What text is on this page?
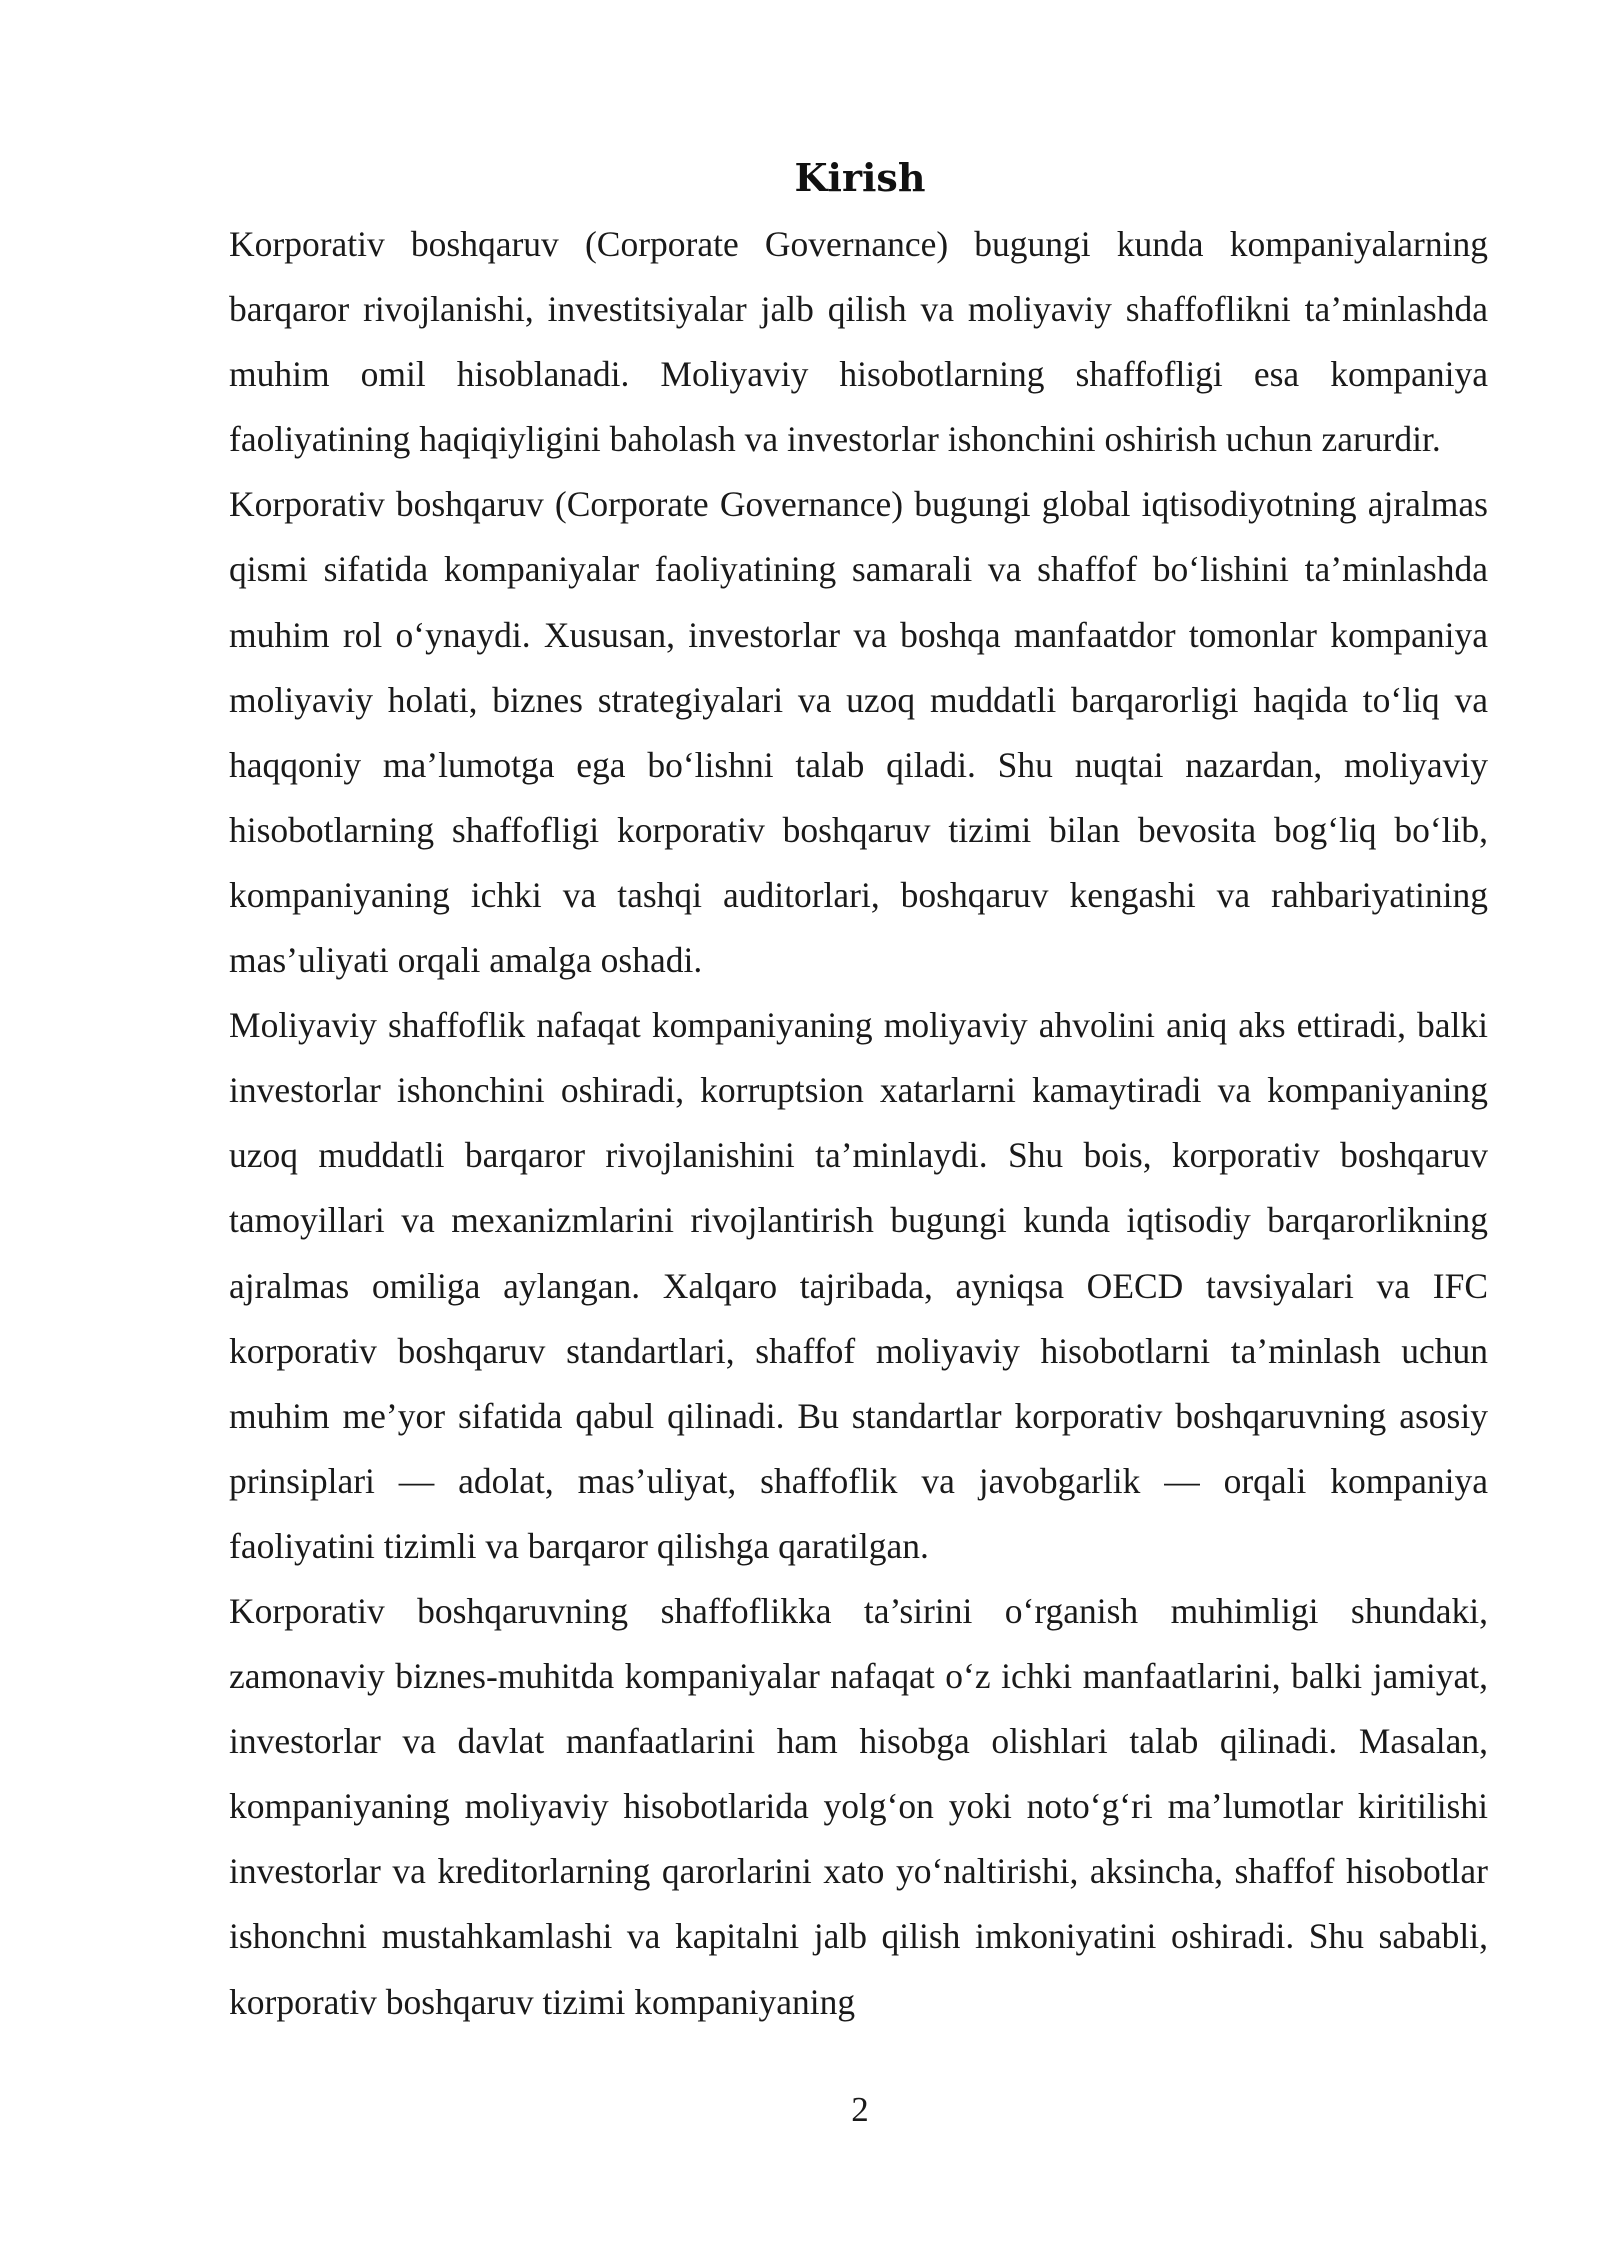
Kirish

Korporativ boshqaruv (Corporate Governance) bugungi kunda kompaniyalarning barqaror rivojlanishi, investitsiyalar jalb qilish va moliyaviy shaffoflikni ta’minlashda muhim omil hisoblanadi. Moliyaviy hisobotlarning shaffofligi esa kompaniya faoliyatining haqiqiyligini baholash va investorlar ishonchini oshirish uchun zarurdir.

Korporativ boshqaruv (Corporate Governance) bugungi global iqtisodiyotning ajralmas qismi sifatida kompaniyalar faoliyatining samarali va shaffof bo‘lishini ta’minlashda muhim rol o‘ynaydi. Xususan, investorlar va boshqa manfaatdor tomonlar kompaniya moliyaviy holati, biznes strategiyalari va uzoq muddatli barqarorligi haqida to‘liq va haqqoniy ma’lumotga ega bo‘lishni talab qiladi. Shu nuqtai nazardan, moliyaviy hisobotlarning shaffofligi korporativ boshqaruv tizimi bilan bevosita bog‘liq bo‘lib, kompaniyaning ichki va tashqi auditorlari, boshqaruv kengashi va rahbariyatining mas’uliyati orqali amalga oshadi.

Moliyaviy shaffoflik nafaqat kompaniyaning moliyaviy ahvolini aniq aks ettiradi, balki investorlar ishonchini oshiradi, korruptsion xatarlarni kamaytiradi va kompaniyaning uzoq muddatli barqaror rivojlanishini ta’minlaydi. Shu bois, korporativ boshqaruv tamoyillari va mexanizmlarini rivojlantirish bugungi kunda iqtisodiy barqarorlikning ajralmas omiliga aylangan. Xalqaro tajribada, ayniqsa OECD tavsiyalari va IFC korporativ boshqaruv standartlari, shaffof moliyaviy hisobotlarni ta’minlash uchun muhim me’yor sifatida qabul qilinadi. Bu standartlar korporativ boshqaruvning asosiy prinsiplari — adolat, mas’uliyat, shaffoflik va javobgarlik — orqali kompaniya faoliyatini tizimli va barqaror qilishga qaratilgan.

Korporativ boshqaruvning shaffoflikka ta’sirini o‘rganish muhimligi shundaki, zamonaviy biznes-muhitda kompaniyalar nafaqat o‘z ichki manfaatlarini, balki jamiyat, investorlar va davlat manfaatlarini ham hisobga olishlari talab qilinadi. Masalan, kompaniyaning moliyaviy hisobotlarida yolg‘on yoki noto‘g‘ri ma’lumotlar kiritilishi investorlar va kreditorlarning qarorlarini xato yo‘naltirishi, aksincha, shaffof hisobotlar ishonchni mustahkamlashi va kapitalni jalb qilish imkoniyatini oshiradi. Shu sababli, korporativ boshqaruv tizimi kompaniyaning

2
